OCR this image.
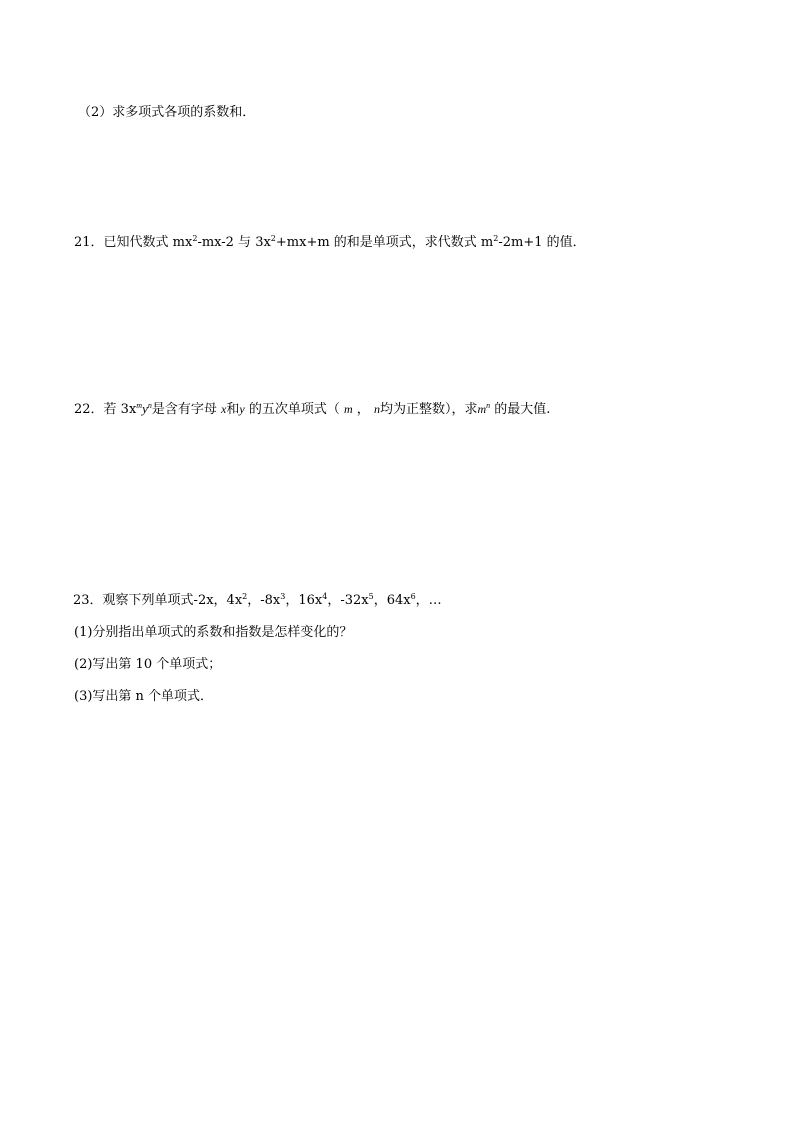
（2）求多项式各项的系数和．
21．已知代数式 $mx^2-mx-2$ 与 $3x^2+mx+m$ 的和是单项式，求代数式 $m^2-2m+1$ 的值．
22．若 $3x^my^n$是含有字母 x和y 的五次单项式（ m ， n均为正整数），求$m^n$ 的最大值.
23．观察下列单项式-2x，$4x^2$，$-8x^3$，$16x^4$，$-32x^5$，$64x^6$，…
(1)分别指出单项式的系数和指数是怎样变化的？
(2)写出第 10 个单项式；
(3)写出第 n 个单项式．
